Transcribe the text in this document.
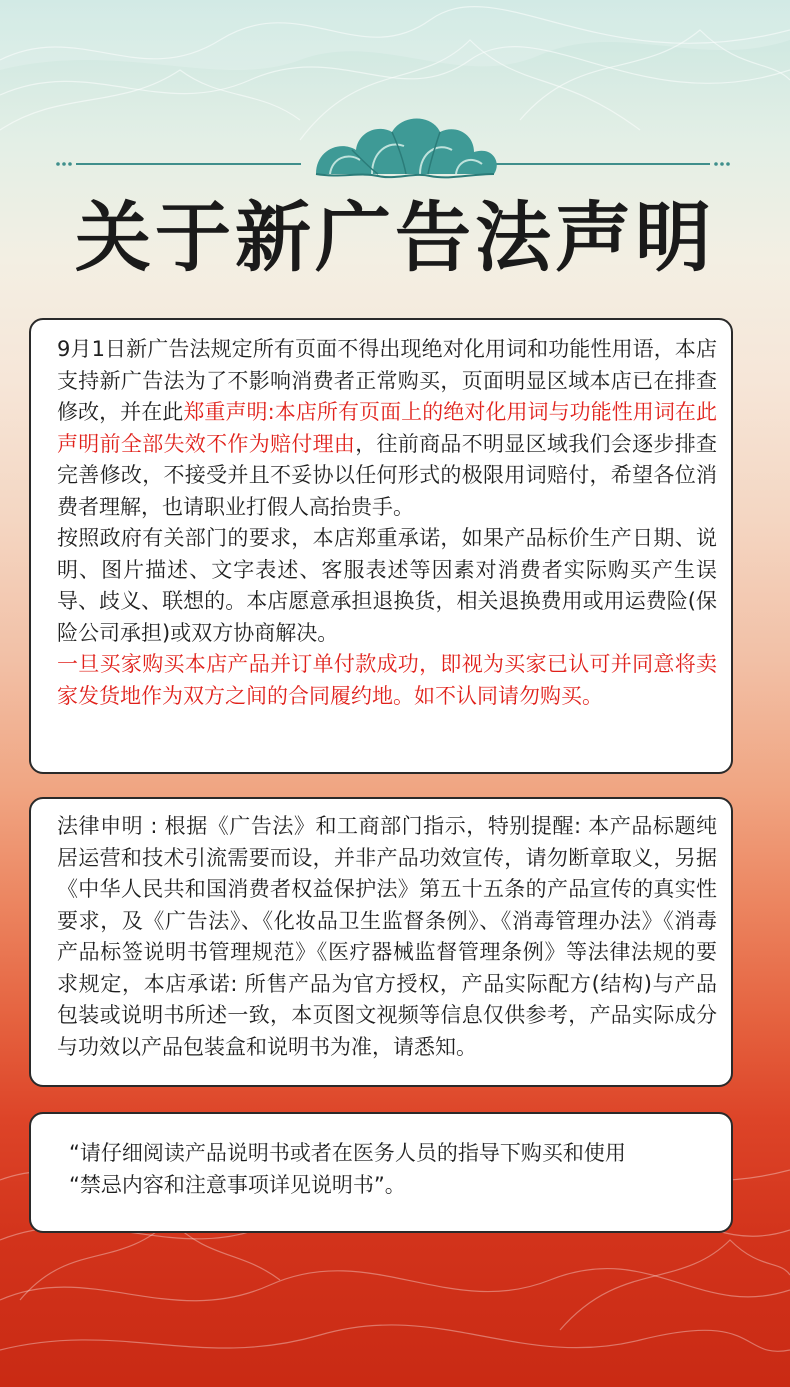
关于新广告法声明

9月1日新广告法规定所有页面不得出现绝对化用词和功能性用语，本店支持新广告法为了不影响消费者正常购买，页面明显区域本店已在排查修改，并在此郑重声明:本店所有页面上的绝对化用词与功能性用词在此声明前全部失效不作为赔付理由，往前商品不明显区域我们会逐步排查完善修改，不接受并且不妥协以任何形式的极限用词赔付，希望各位消费者理解，也请职业打假人高抬贵手。

按照政府有关部门的要求，本店郑重承诺，如果产品标价生产日期、说明、图片描述、文字表述、客服表述等因素对消费者实际购买产生误导、歧义、联想的。本店愿意承担退换货，相关退换费用或用运费险(保险公司承担)或双方协商解决。

一旦买家购买本店产品并订单付款成功，即视为买家已认可并同意将卖家发货地作为双方之间的合同履约地。如不认同请勿购买。

法律申明 : 根据《广告法》和工商部门指示，特别提醒: 本产品标题纯居运营和技术引流需要而设，并非产品功效宣传，请勿断章取义，另据《中华人民共和国消费者权益保护法》第五十五条的产品宣传的真实性要求，及《广告法》、《化妆品卫生监督条例》、《消毒管理办法》《消毒产品标签说明书管理规范》《医疗器械监督管理条例》等法律法规的要求规定，本店承诺: 所售产品为官方授权，产品实际配方(结构)与产品包装或说明书所述一致，本页图文视频等信息仅供参考，产品实际成分与功效以产品包装盒和说明书为准，请悉知。

“请仔细阅读产品说明书或者在医务人员的指导下购买和使用

“禁忌内容和注意事项详见说明书”。
